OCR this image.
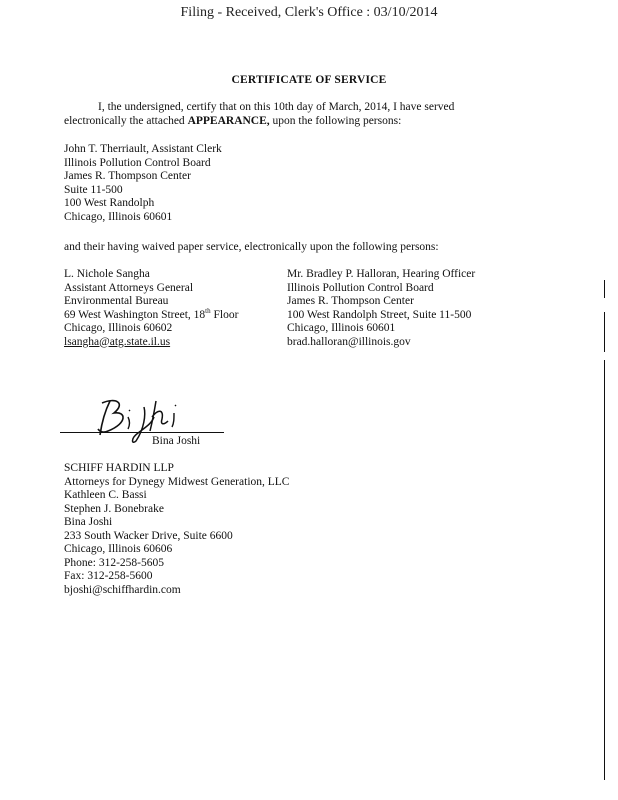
Filing - Received, Clerk's Office : 03/10/2014
CERTIFICATE OF SERVICE
I, the undersigned, certify that on this 10th day of March, 2014, I have served electronically the attached APPEARANCE, upon the following persons:
John T. Therriault, Assistant Clerk
Illinois Pollution Control Board
James R. Thompson Center
Suite 11-500
100 West Randolph
Chicago, Illinois 60601
and their having waived paper service, electronically upon the following persons:
L. Nichole Sangha
Assistant Attorneys General
Environmental Bureau
69 West Washington Street, 18th Floor
Chicago, Illinois 60602
lsangha@atg.state.il.us
Mr. Bradley P. Halloran, Hearing Officer
Illinois Pollution Control Board
James R. Thompson Center
100 West Randolph Street, Suite 11-500
Chicago, Illinois 60601
brad.halloran@illinois.gov
Bina Joshi
SCHIFF HARDIN LLP
Attorneys for Dynegy Midwest Generation, LLC
Kathleen C. Bassi
Stephen J. Bonebrake
Bina Joshi
233 South Wacker Drive, Suite 6600
Chicago, Illinois 60606
Phone: 312-258-5605
Fax: 312-258-5600
bjoshi@schiffhardin.com
